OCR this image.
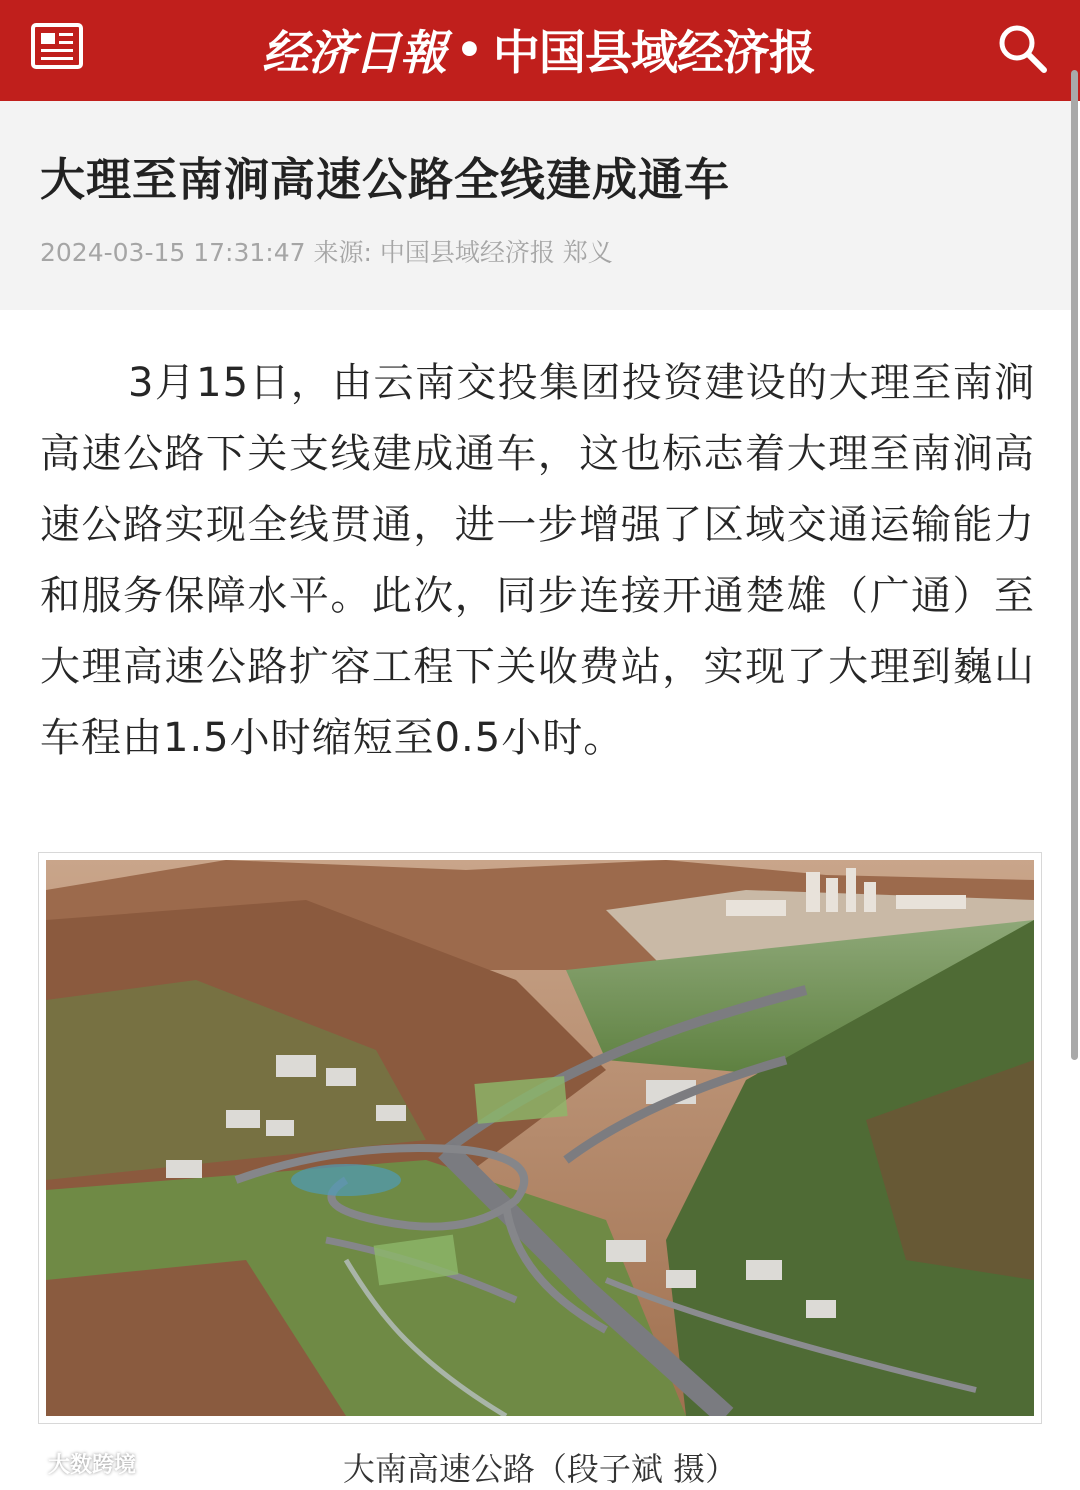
经济日報 • 中国县域经济报
大理至南涧高速公路全线建成通车
2024-03-15 17:31:47 来源: 中国县域经济报 郑义

3月15日，由云南交投集团投资建设的大理至南涧高速公路下关支线建成通车，这也标志着大理至南涧高速公路实现全线贯通，进一步增强了区域交通运输能力和服务保障水平。此次，同步连接开通楚雄（广通）至大理高速公路扩容工程下关收费站，实现了大理到巍山车程由1.5小时缩短至0.5小时。

大南高速公路（段子斌 摄）
大数跨境
